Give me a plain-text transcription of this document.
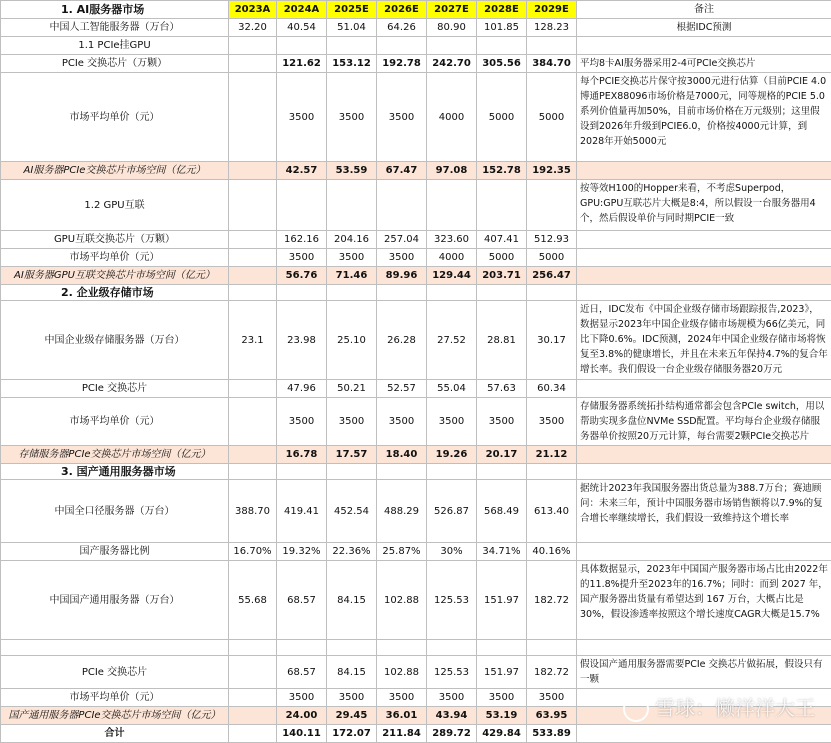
1. AI服务器市场	2023A	2024A	2025E	2026E	2027E	2028E	2029E	备注
中国人工智能服务器（万台）	32.20	40.54	51.04	64.26	80.90	101.85	128.23	根据IDC预测
1.1 PCIe挂GPU								
PCIe 交换芯片（万颗）		121.62	153.12	192.78	242.70	305.56	384.70	平均8卡AI服务器采用2-4可PCIe交换芯片
市场平均单价（元）		3500	3500	3500	4000	5000	5000	每个PCIE交换芯片保守按3000元进行估算（目前PCIE 4.0博通PEX88096市场价格是7000元，同等规格的PCIE 5.0系列价值量再加50%，目前市场价格在万元级别；这里假设到2026年升级到PCIE6.0，价格按4000元计算，到2028年开始5000元
AI服务器PCIe交换芯片市场空间（亿元）		42.57	53.59	67.47	97.08	152.78	192.35	
1.2 GPU互联								按等效H100的Hopper来看，不考虑Superpod，GPU:GPU互联芯片大概是8:4，所以假设一台服务器用4个，然后假设单价与同时期PCIE一致
GPU互联交换芯片（万颗）		162.16	204.16	257.04	323.60	407.41	512.93	
市场平均单价（元）		3500	3500	3500	4000	5000	5000	
AI服务器GPU互联交换芯片市场空间（亿元）		56.76	71.46	89.96	129.44	203.71	256.47	
2. 企业级存储市场								
中国企业级存储服务器（万台）	23.1	23.98	25.10	26.28	27.52	28.81	30.17	近日，IDC发布《中国企业级存储市场跟踪报告,2023》，数据显示2023年中国企业级存储市场规模为66亿美元，同比下降0.6%。IDC预测，2024年中国企业级存储市场将恢复至3.8%的健康增长，并且在未来五年保持4.7%的复合年增长率。我们假设一台企业级存储服务器20万元
PCIe 交换芯片		47.96	50.21	52.57	55.04	57.63	60.34	
市场平均单价（元）		3500	3500	3500	3500	3500	3500	存储服务器系统拓扑结构通常都会包含PCIe switch，用以帮助实现多盘位NVMe SSD配置。平均每台企业级存储服务器单价按照20万元计算，每台需要2颗PCIe交换芯片
存储服务器PCIe交换芯片市场空间（亿元）		16.78	17.57	18.40	19.26	20.17	21.12	
3. 国产通用服务器市场								
中国全口径服务器（万台）	388.70	419.41	452.54	488.29	526.87	568.49	613.40	据统计2023年我国服务器出货总量为388.7万台；赛迪顾问：未来三年，预计中国服务器市场销售额将以7.9%的复合增长率继续增长，我们假设一致维持这个增长率
国产服务器比例	16.70%	19.32%	22.36%	25.87%	30%	34.71%	40.16%	
中国国产通用服务器（万台）	55.68	68.57	84.15	102.88	125.53	151.97	182.72	具体数据显示，2023年中国国产服务器市场占比由2022年的11.8%提升至2023年的16.7%；同时：而到 2027 年，国产服务器出货量有希望达到 167 万台，大概占比是30%，假设渗透率按照这个增长速度CAGR大概是15.7%

PCIe 交换芯片		68.57	84.15	102.88	125.53	151.97	182.72	假设国产通用服务器需要PCIe 交换芯片做拓展，假设只有一颗
市场平均单价（元）		3500	3500	3500	3500	3500	3500	
国产通用服务器PCIe交换芯片市场空间（亿元）		24.00	29.45	36.01	43.94	53.19	63.95	
合计		140.11	172.07	211.84	289.72	429.84	533.89	
雪球：懒洋洋大王
